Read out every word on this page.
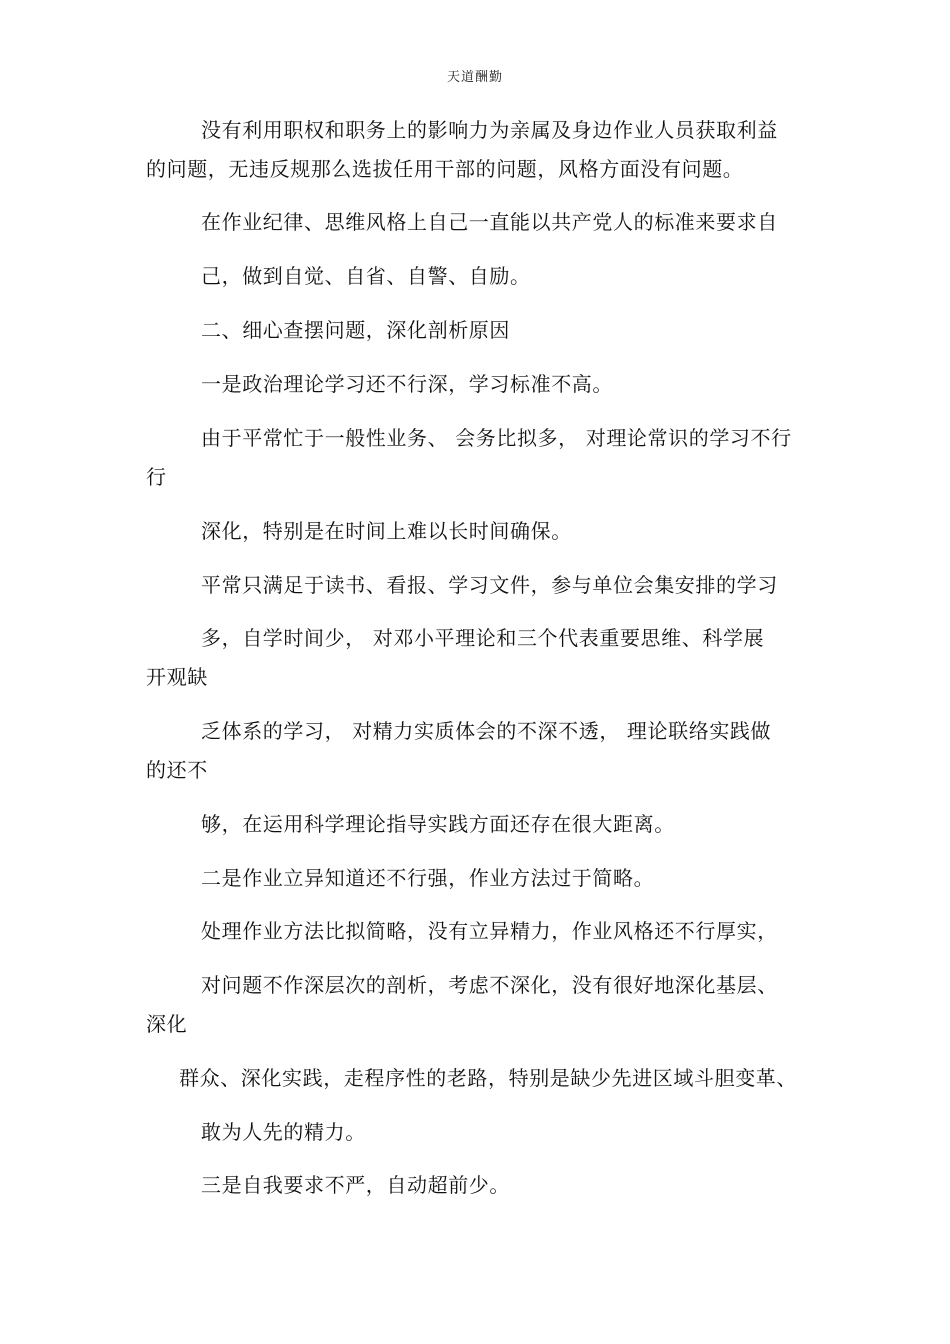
天道酬勤
没有利用职权和职务上的影响力为亲属及身边作业人员获取利益
的问题，无违反规那么选拔任用干部的问题，风格方面没有问题。
在作业纪律、思维风格上自己一直能以共产党人的标准来要求自
己，做到自觉、自省、自警、自励。
二、细心查摆问题，深化剖析原因
一是政治理论学习还不行深，学习标准不高。
由于平常忙于一般性业务、 会务比拟多， 对理论常识的学习不行
行
深化，特别是在时间上难以长时间确保。
平常只满足于读书、看报、学习文件，参与单位会集安排的学习
多，自学时间少， 对邓小平理论和三个代表重要思维、科学展
开观缺
乏体系的学习， 对精力实质体会的不深不透， 理论联络实践做
的还不
够，在运用科学理论指导实践方面还存在很大距离。
二是作业立异知道还不行强，作业方法过于简略。
处理作业方法比拟简略，没有立异精力，作业风格还不行厚实，
对问题不作深层次的剖析，考虑不深化，没有很好地深化基层、
深化
群众、深化实践，走程序性的老路，特别是缺少先进区域斗胆变革、
敢为人先的精力。
三是自我要求不严，自动超前少。
